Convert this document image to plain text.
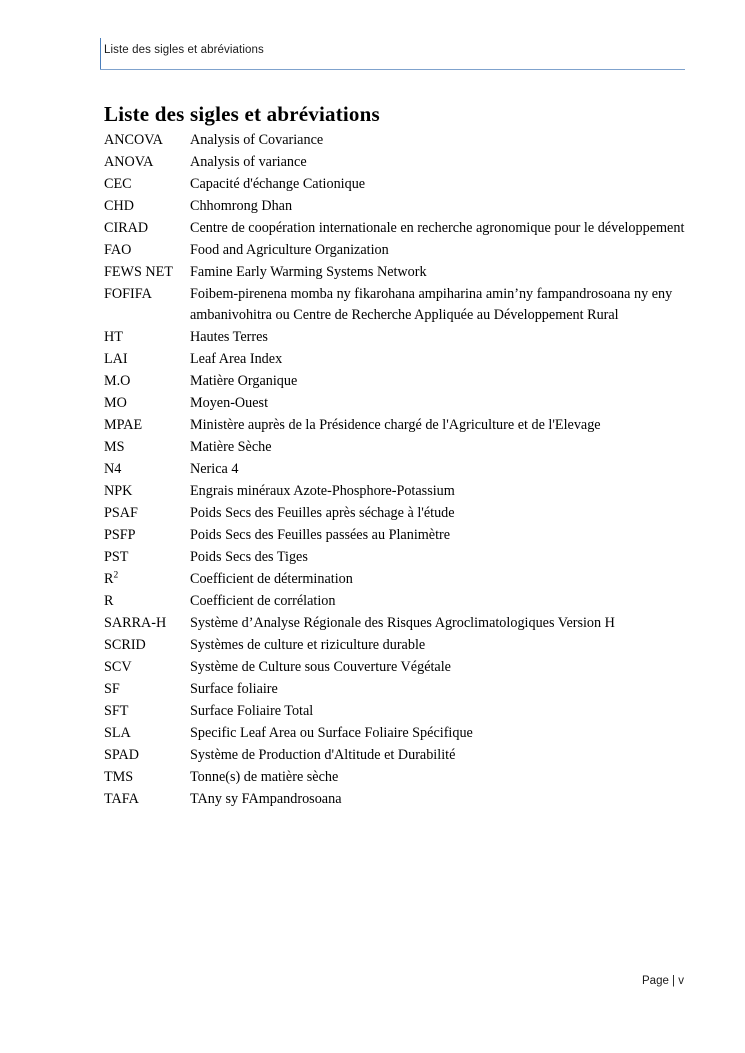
Liste des sigles et abréviations
Liste des sigles et abréviations
ANCOVA	Analysis of Covariance
ANOVA	Analysis of variance
CEC	Capacité d'échange Cationique
CHD	Chhomrong Dhan
CIRAD	Centre de coopération internationale en recherche agronomique pour le développement
FAO	Food and Agriculture Organization
FEWS NET	Famine Early Warming Systems Network
FOFIFA	Foibem-pirenena momba ny fikarohana ampiharina amin’ny fampandrosoana ny eny ambanivohitra ou Centre de Recherche Appliquée au Développement Rural
HT	Hautes Terres
LAI	Leaf Area Index
M.O	Matière Organique
MO	Moyen-Ouest
MPAE	Ministère auprès de la Présidence chargé de l'Agriculture et de l'Elevage
MS	Matière Sèche
N4	Nerica 4
NPK	Engrais minéraux Azote-Phosphore-Potassium
PSAF	Poids Secs des Feuilles après séchage à l'étude
PSFP	Poids Secs des Feuilles passées au Planimètre
PST	Poids Secs des Tiges
$R^2$	Coefficient de détermination
R	Coefficient de corrélation
SARRA-H	Système d’Analyse Régionale des Risques Agroclimatologiques Version H
SCRID	Systèmes de culture et riziculture durable
SCV	Système de Culture sous Couverture Végétale
SF	Surface foliaire
SFT	Surface Foliaire Total
SLA	Specific Leaf Area ou Surface Foliaire Spécifique
SPAD	Système de Production d'Altitude et Durabilité
TMS	Tonne(s) de matière sèche
TAFA	TAny sy FAmpandrosoana
Page | v
